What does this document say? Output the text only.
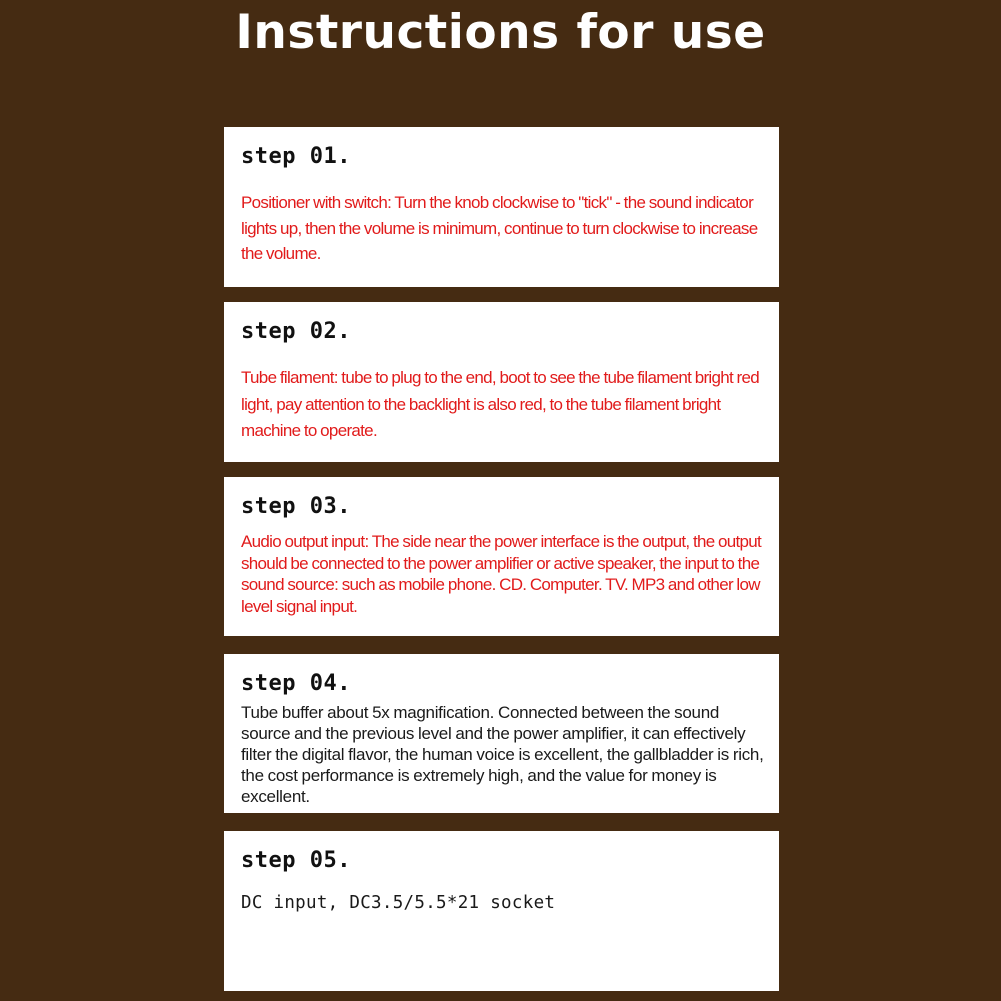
Instructions for use
step 01.
Positioner with switch: Turn the knob clockwise to "tick" - the sound indicator lights up, then the volume is minimum, continue to turn clockwise to increase the volume.
step 02.
Tube filament: tube to plug to the end, boot to see the tube filament bright red light, pay attention to the backlight is also red, to the tube filament bright machine to operate.
step 03.
Audio output input: The side near the power interface is the output, the output should be connected to the power amplifier or active speaker, the input to the sound source: such as mobile phone. CD. Computer. TV. MP3 and other low level signal input.
step 04.
Tube buffer about 5x magnification. Connected between the sound source and the previous level and the power amplifier, it can effectively filter the digital flavor, the human voice is excellent, the gallbladder is rich, the cost performance is extremely high, and the value for money is excellent.
step 05.
DC input, DC3.5/5.5*21 socket
